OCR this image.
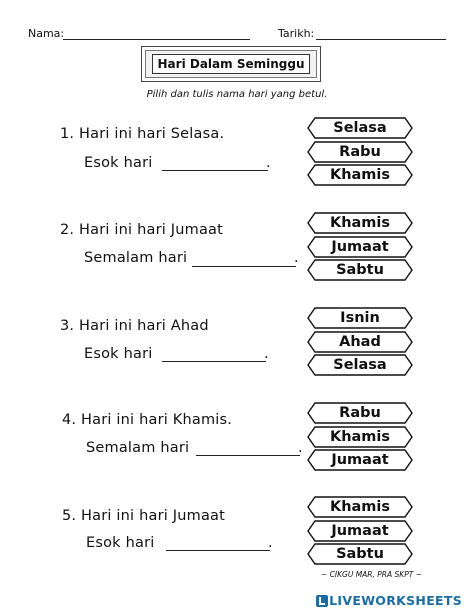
Nama:	Tarikh:
Hari Dalam Seminggu
Pilih dan tulis nama hari yang betul.
1. Hari ini hari Selasa.
Esok hari	.
2. Hari ini hari Jumaat
Semalam hari	.
3. Hari ini hari Ahad
Esok hari	.
4. Hari ini hari Khamis.
Semalam hari	.
5. Hari ini hari Jumaat
Esok hari	.
Selasa
Rabu
Khamis
Khamis
Jumaat
Sabtu
Isnin
Ahad
Selasa
Rabu
Khamis
Jumaat
Khamis
Jumaat
Sabtu
~ CIKGU MAR, PRA SKPT ~
LIVEWORKSHEETS
